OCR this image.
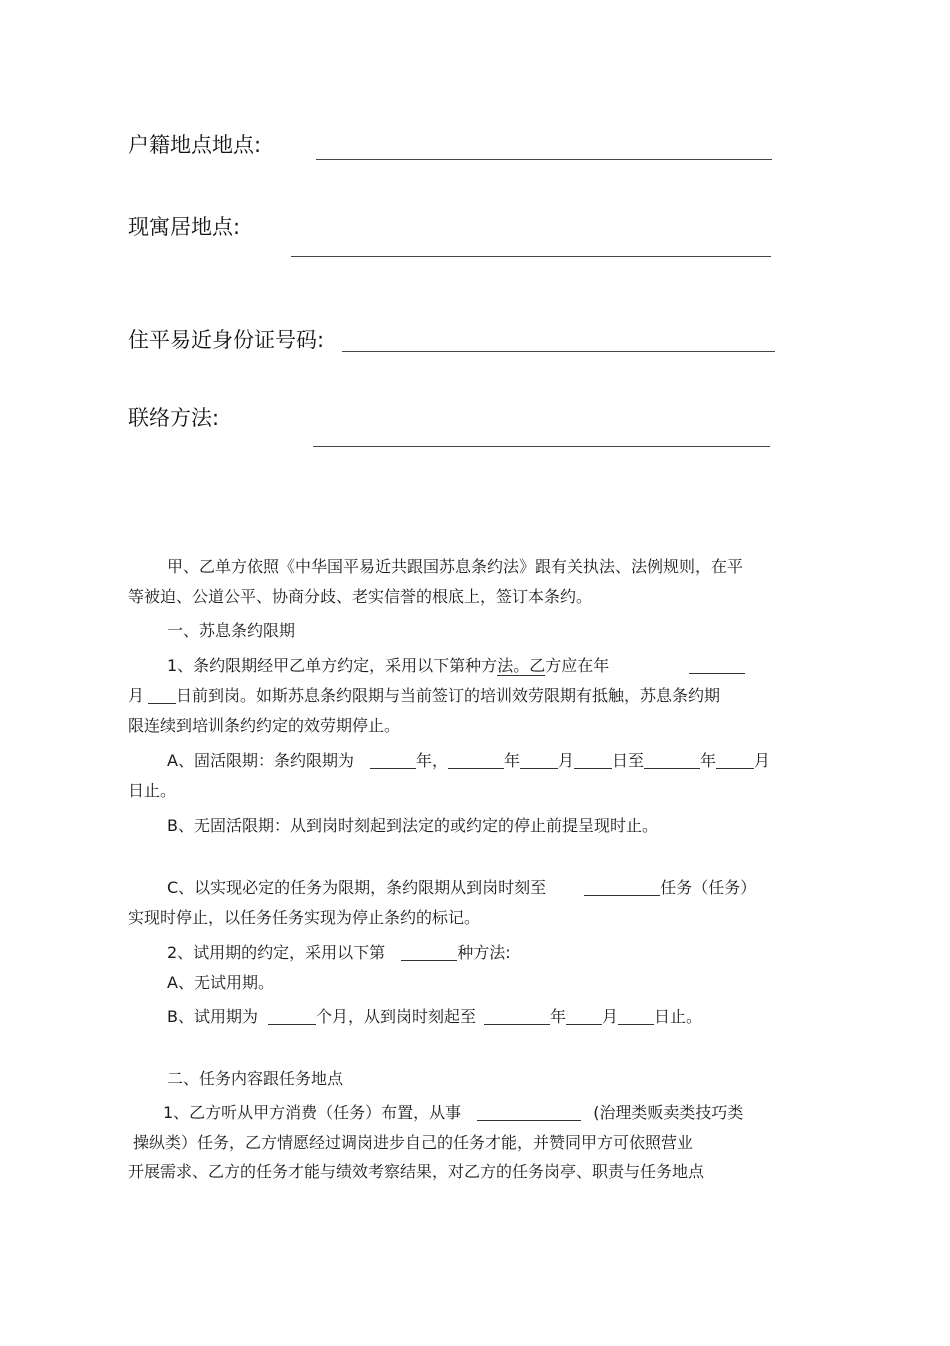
户籍地点地点:
现寓居地点:
住平易近身份证号码:
联络方法:
甲、乙单方依照《中华国平易近共跟国苏息条约法》跟有关执法、法例规则，在平
等被迫、公道公平、协商分歧、老实信誉的根底上，签订本条约。
一、苏息条约限期
1、条约限期经甲乙单方约定，采用以下第种方法。乙方应在年
月 日前到岗。如斯苏息条约限期与当前签订的培训效劳限期有抵触，苏息条约期
限连续到培训条约约定的效劳期停止。
A、固活限期：条约限期为	年，	年 月 日至	年 月
日止。
B、无固活限期：从到岗时刻起到法定的或约定的停止前提呈现时止。
C、以实现必定的任务为限期，条约限期从到岗时刻至	任务（任务）
实现时停止，以任务任务实现为停止条约的标记。
2、试用期的约定，采用以下第	种方法:
A、无试用期。
B、试用期为	个月，从到岗时刻起至	年 月 日止。
二、任务内容跟任务地点
1、乙方听从甲方消费（任务）布置，从事	(治理类贩卖类技巧类
操纵类）任务，乙方情愿经过调岗进步自己的任务才能，并赞同甲方可依照营业
开展需求、乙方的任务才能与绩效考察结果，对乙方的任务岗亭、职责与任务地点
